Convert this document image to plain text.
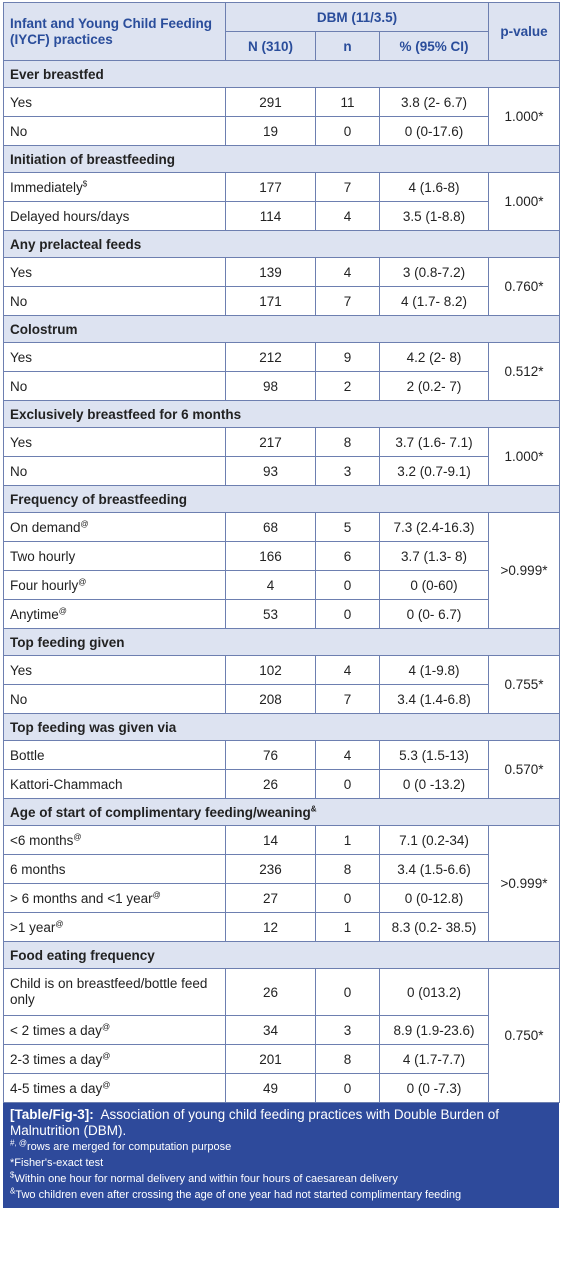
Infant and Young Child Feeding (IYCF) practices	DBM (11/3.5)			p-value
	N (310)	n	% (95% CI)	
Ever breastfed				
Yes	291	11	3.8 (2- 6.7)	1.000*
No	19	0	0 (0-17.6)	
Initiation of breastfeeding				
Immediately$	177	7	4 (1.6-8)	1.000*
Delayed hours/days	114	4	3.5 (1-8.8)	
Any prelacteal feeds				
Yes	139	4	3 (0.8-7.2)	0.760*
No	171	7	4 (1.7- 8.2)	
Colostrum				
Yes	212	9	4.2 (2- 8)	0.512*
No	98	2	2 (0.2- 7)	
Exclusively breastfeed for 6 months				
Yes	217	8	3.7 (1.6- 7.1)	1.000*
No	93	3	3.2 (0.7-9.1)	
Frequency of breastfeeding				
On demand@	68	5	7.3 (2.4-16.3)	>0.999*
Two hourly	166	6	3.7 (1.3- 8)	
Four hourly@	4	0	0 (0-60)	
Anytime@	53	0	0 (0- 6.7)	
Top feeding given				
Yes	102	4	4 (1-9.8)	0.755*
No	208	7	3.4 (1.4-6.8)	
Top feeding was given via				
Bottle	76	4	5.3 (1.5-13)	0.570*
Kattori-Chammach	26	0	0 (0 -13.2)	
Age of start of complimentary feeding/weaning&
<6 months@	14	1	7.1 (0.2-34)	>0.999*
6 months	236	8	3.4 (1.5-6.6)	
> 6 months and <1 year@	27	0	0 (0-12.8)	
>1 year@	12	1	8.3 (0.2- 38.5)	
Food eating frequency				
Child is on breastfeed/bottle feed only	26	0	0 (013.2)	0.750*
< 2 times a day@	34	3	8.9 (1.9-23.6)	
2-3 times a day@	201	8	4 (1.7-7.7)	
4-5 times a day@	49	0	0 (0 -7.3)	
[Table/Fig-3]: Association of young child feeding practices with Double Burden of Malnutrition (DBM).
#, @rows are merged for computation purpose
*Fisher's-exact test
$Within one hour for normal delivery and within four hours of caesarean delivery
&Two children even after crossing the age of one year had not started complimentary feeding
